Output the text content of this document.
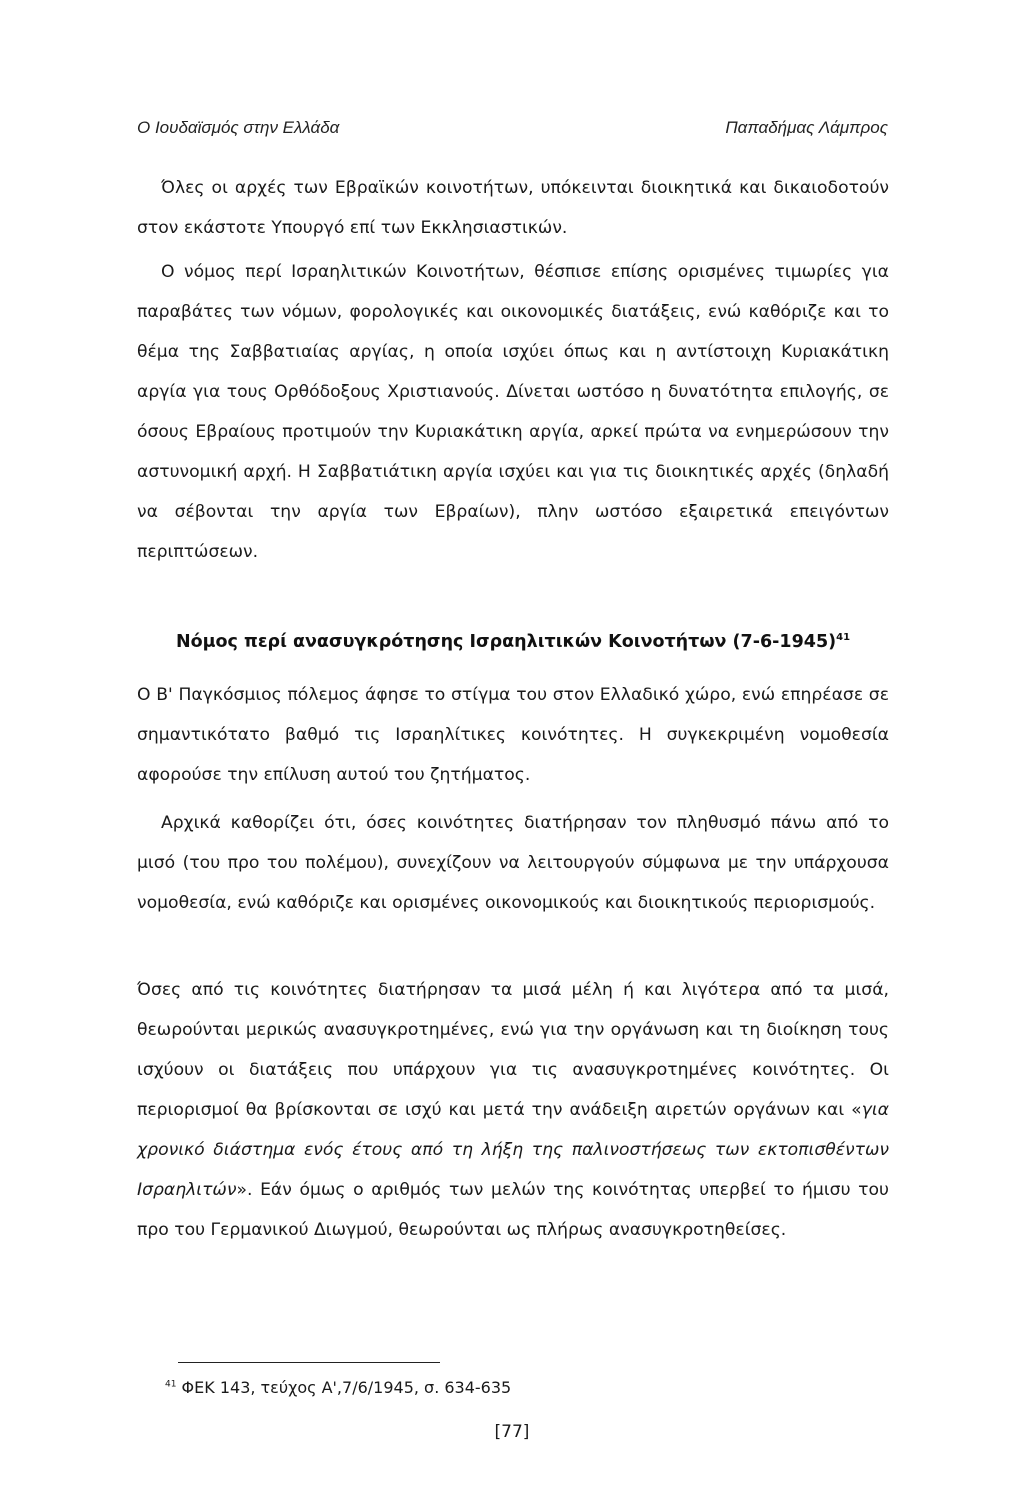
Ο Ιουδαϊσμός στην Ελλάδα	Παπαδήμας Λάμπρος

Όλες οι αρχές των Εβραϊκών κοινοτήτων, υπόκεινται διοικητικά και δικαιοδοτούν στον εκάστοτε Υπουργό επί των Εκκλησιαστικών.

Ο νόμος περί Ισραηλιτικών Κοινοτήτων, θέσπισε επίσης ορισμένες τιμωρίες για παραβάτες των νόμων, φορολογικές και οικονομικές διατάξεις, ενώ καθόριζε και το θέμα της Σαββατιαίας αργίας, η οποία ισχύει όπως και η αντίστοιχη Κυριακάτικη αργία για τους Ορθόδοξους Χριστιανούς. Δίνεται ωστόσο η δυνατότητα επιλογής, σε όσους Εβραίους προτιμούν την Κυριακάτικη αργία, αρκεί πρώτα να ενημερώσουν την αστυνομική αρχή. Η Σαββατιάτικη αργία ισχύει και για τις διοικητικές αρχές (δηλαδή να σέβονται την αργία των Εβραίων), πλην ωστόσο εξαιρετικά επειγόντων περιπτώσεων.

Νόμος περί ανασυγκρότησης Ισραηλιτικών Κοινοτήτων $(7-6-1945)^{41}$

Ο Β' Παγκόσμιος πόλεμος άφησε το στίγμα του στον Ελλαδικό χώρο, ενώ επηρέασε σε σημαντικότατο βαθμό τις Ισραηλίτικες κοινότητες. Η συγκεκριμένη νομοθεσία αφορούσε την επίλυση αυτού του ζητήματος.

Αρχικά καθορίζει ότι, όσες κοινότητες διατήρησαν τον πληθυσμό πάνω από το μισό (του προ του πολέμου), συνεχίζουν να λειτουργούν σύμφωνα με την υπάρχουσα νομοθεσία, ενώ καθόριζε και ορισμένες οικονομικούς και διοικητικούς περιορισμούς.

Όσες από τις κοινότητες διατήρησαν τα μισά μέλη ή και λιγότερα από τα μισά, θεωρούνται μερικώς ανασυγκροτημένες, ενώ για την οργάνωση και τη διοίκηση τους ισχύουν οι διατάξεις που υπάρχουν για τις ανασυγκροτημένες κοινότητες. Οι περιορισμοί θα βρίσκονται σε ισχύ και μετά την ανάδειξη αιρετών οργάνων και «για χρονικό διάστημα ενός έτους από τη λήξη της παλινοστήσεως των εκτοπισθέντων Ισραηλιτών». Εάν όμως ο αριθμός των μελών της κοινότητας υπερβεί το ήμισυ του προ του Γερμανικού Διωγμού, θεωρούνται ως πλήρως ανασυγκροτηθείσες.

$^{41}$ ΦΕΚ 143, τεύχος Α',7/6/1945, σ. 634-635
[77]
